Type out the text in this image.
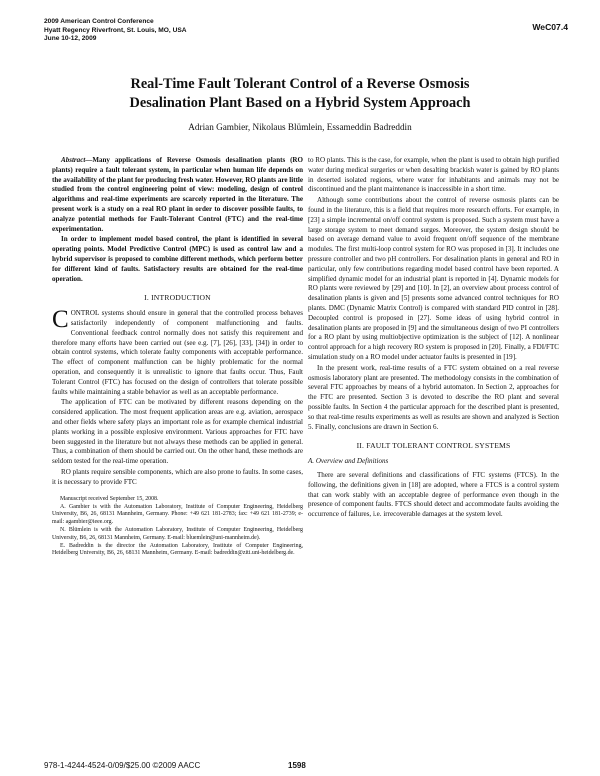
2009 American Control Conference
Hyatt Regency Riverfront, St. Louis, MO, USA
June 10-12, 2009
WeC07.4
Real-Time Fault Tolerant Control of a Reverse Osmosis
Desalination Plant Based on a Hybrid System Approach
Adrian Gambier, Nikolaus Blümlein, Essameddin Badreddin

Abstract—Many applications of Reverse Osmosis desalination plants (RO plants) require a fault tolerant system, in particular when human life depends on the availability of the plant for producing fresh water. However, RO plants are little studied from the control engineering point of view: modeling, design of control algorithms and real-time experiments are scarcely reported in the literature. The present work is a study on a real RO plant in order to discover possible faults, to analyze potential methods for Fault-Tolerant Control (FTC) and the real-time experimentation.

In order to implement model based control, the plant is identified in several operating points. Model Predictive Control (MPC) is used as control law and a hybrid supervisor is proposed to combine different methods, which perform better for different kind of faults. Satisfactory results are obtained for the real-time operation.

I. INTRODUCTION

CONTROL systems should ensure in general that the controlled process behaves satisfactorily independently of component malfunctioning and faults. Conventional feedback control normally does not satisfy this requirement and therefore many efforts have been carried out (see e.g. [7], [26], [33], [34]) in order to obtain control systems, which tolerate faulty components with acceptable performance. The effect of component malfunction can be highly problematic for the normal operation, and consequently it is unrealistic to ignore that faults occur. Thus, Fault Tolerant Control (FTC) has focused on the design of controllers that tolerate possible faults while maintaining a stable behavior as well as an acceptable performance.

The application of FTC can be motivated by different reasons depending on the considered application. The most frequent application areas are e.g. aviation, aerospace and other fields where safety plays an important role as for example chemical industrial plants working in a possible explosive environment. Various approaches for FTC have been suggested in the literature but not always these methods can be applied in general. Thus, a combination of them should be carried out. On the other hand, these methods are seldom tested for the real-time operation.

RO plants require sensible components, which are also prone to faults. In some cases, it is necessary to provide FTC

Manuscript received September 15, 2008.

A. Gambier is with the Automation Laboratory, Institute of Computer Engineering, Heidelberg University, B6, 26, 68131 Mannheim, Germany. Phone: +49 621 181-2783; fax: +49 621 181-2739; e-mail: agambier@ieee.org.

N. Blümlein is with the Automation Laboratory, Institute of Computer Engineering, Heidelberg University, B6, 26, 68131 Mannheim, Germany. E-mail: bluemlein@uni-mannheim.de).

E. Badreddin is the director the Automation Laboratory, Institute of Computer Engineering, Heidelberg University, B6, 26, 68131 Mannheim, Germany. E-mail: badreddin@ziti.uni-heidelberg.de.

to RO plants. This is the case, for example, when the plant is used to obtain high purified water during medical surgeries or when desalting brackish water is gained by RO plants in deserted isolated regions, where water for inhabitants and animals may not be discontinued and the plant maintenance is inaccessible in a short time.

Although some contributions about the control of reverse osmosis plants can be found in the literature, this is a field that requires more research efforts. For example, in [23] a simple incremental on/off control system is proposed. Such a system must have a large storage system to meet demand surges. Moreover, the system design should be based on average demand value to avoid frequent on/off sequence of the membrane modules. The first multi-loop control system for RO was proposed in [3]. It includes one pressure controller and two pH controllers. For desalination plants in general and RO in particular, only few contributions regarding model based control have been reported. A simplified dynamic model for an industrial plant is reported in [4]. Dynamic models for RO plants were reviewed by [29] and [10]. In [2], an overview about process control of desalination plants is given and [5] presents some advanced control techniques for RO plants. DMC (Dynamic Matrix Control) is compared with standard PID control in [28]. Decoupled control is proposed in [27]. Some ideas of using hybrid control in desalination plants are proposed in [9] and the simultaneous design of two PI controllers for a RO plant by using multiobjective optimization is the subject of [12]. A nonlinear control approach for a high recovery RO system is proposed in [20]. Finally, a FDI/FTC simulation study on a RO model under actuator faults is presented in [19].

In the present work, real-time results of a FTC system obtained on a real reverse osmosis laboratory plant are presented. The methodology consists in the combination of several FTC approaches by means of a hybrid automaton. In Section 2, approaches for the FTC are presented. Section 3 is devoted to describe the RO plant and several possible faults. In Section 4 the particular approach for the described plant is presented, so that real-time results experiments as well as results are shown and analyzed is Section 5. Finally, conclusions are drawn in Section 6.

II. FAULT TOLERANT CONTROL SYSTEMS
A. Overview and Definitions

There are several definitions and classifications of FTC systems (FTCS). In the following, the definitions given in [18] are adopted, where a FTCS is a control system that can work stably with an acceptable degree of performance even though in the presence of component faults. FTCS should detect and accommodate faults avoiding the occurrence of failures, i.e. irrecoverable damages at the system level.

978-1-4244-4524-0/09/$25.00 ©2009 AACC	1598
